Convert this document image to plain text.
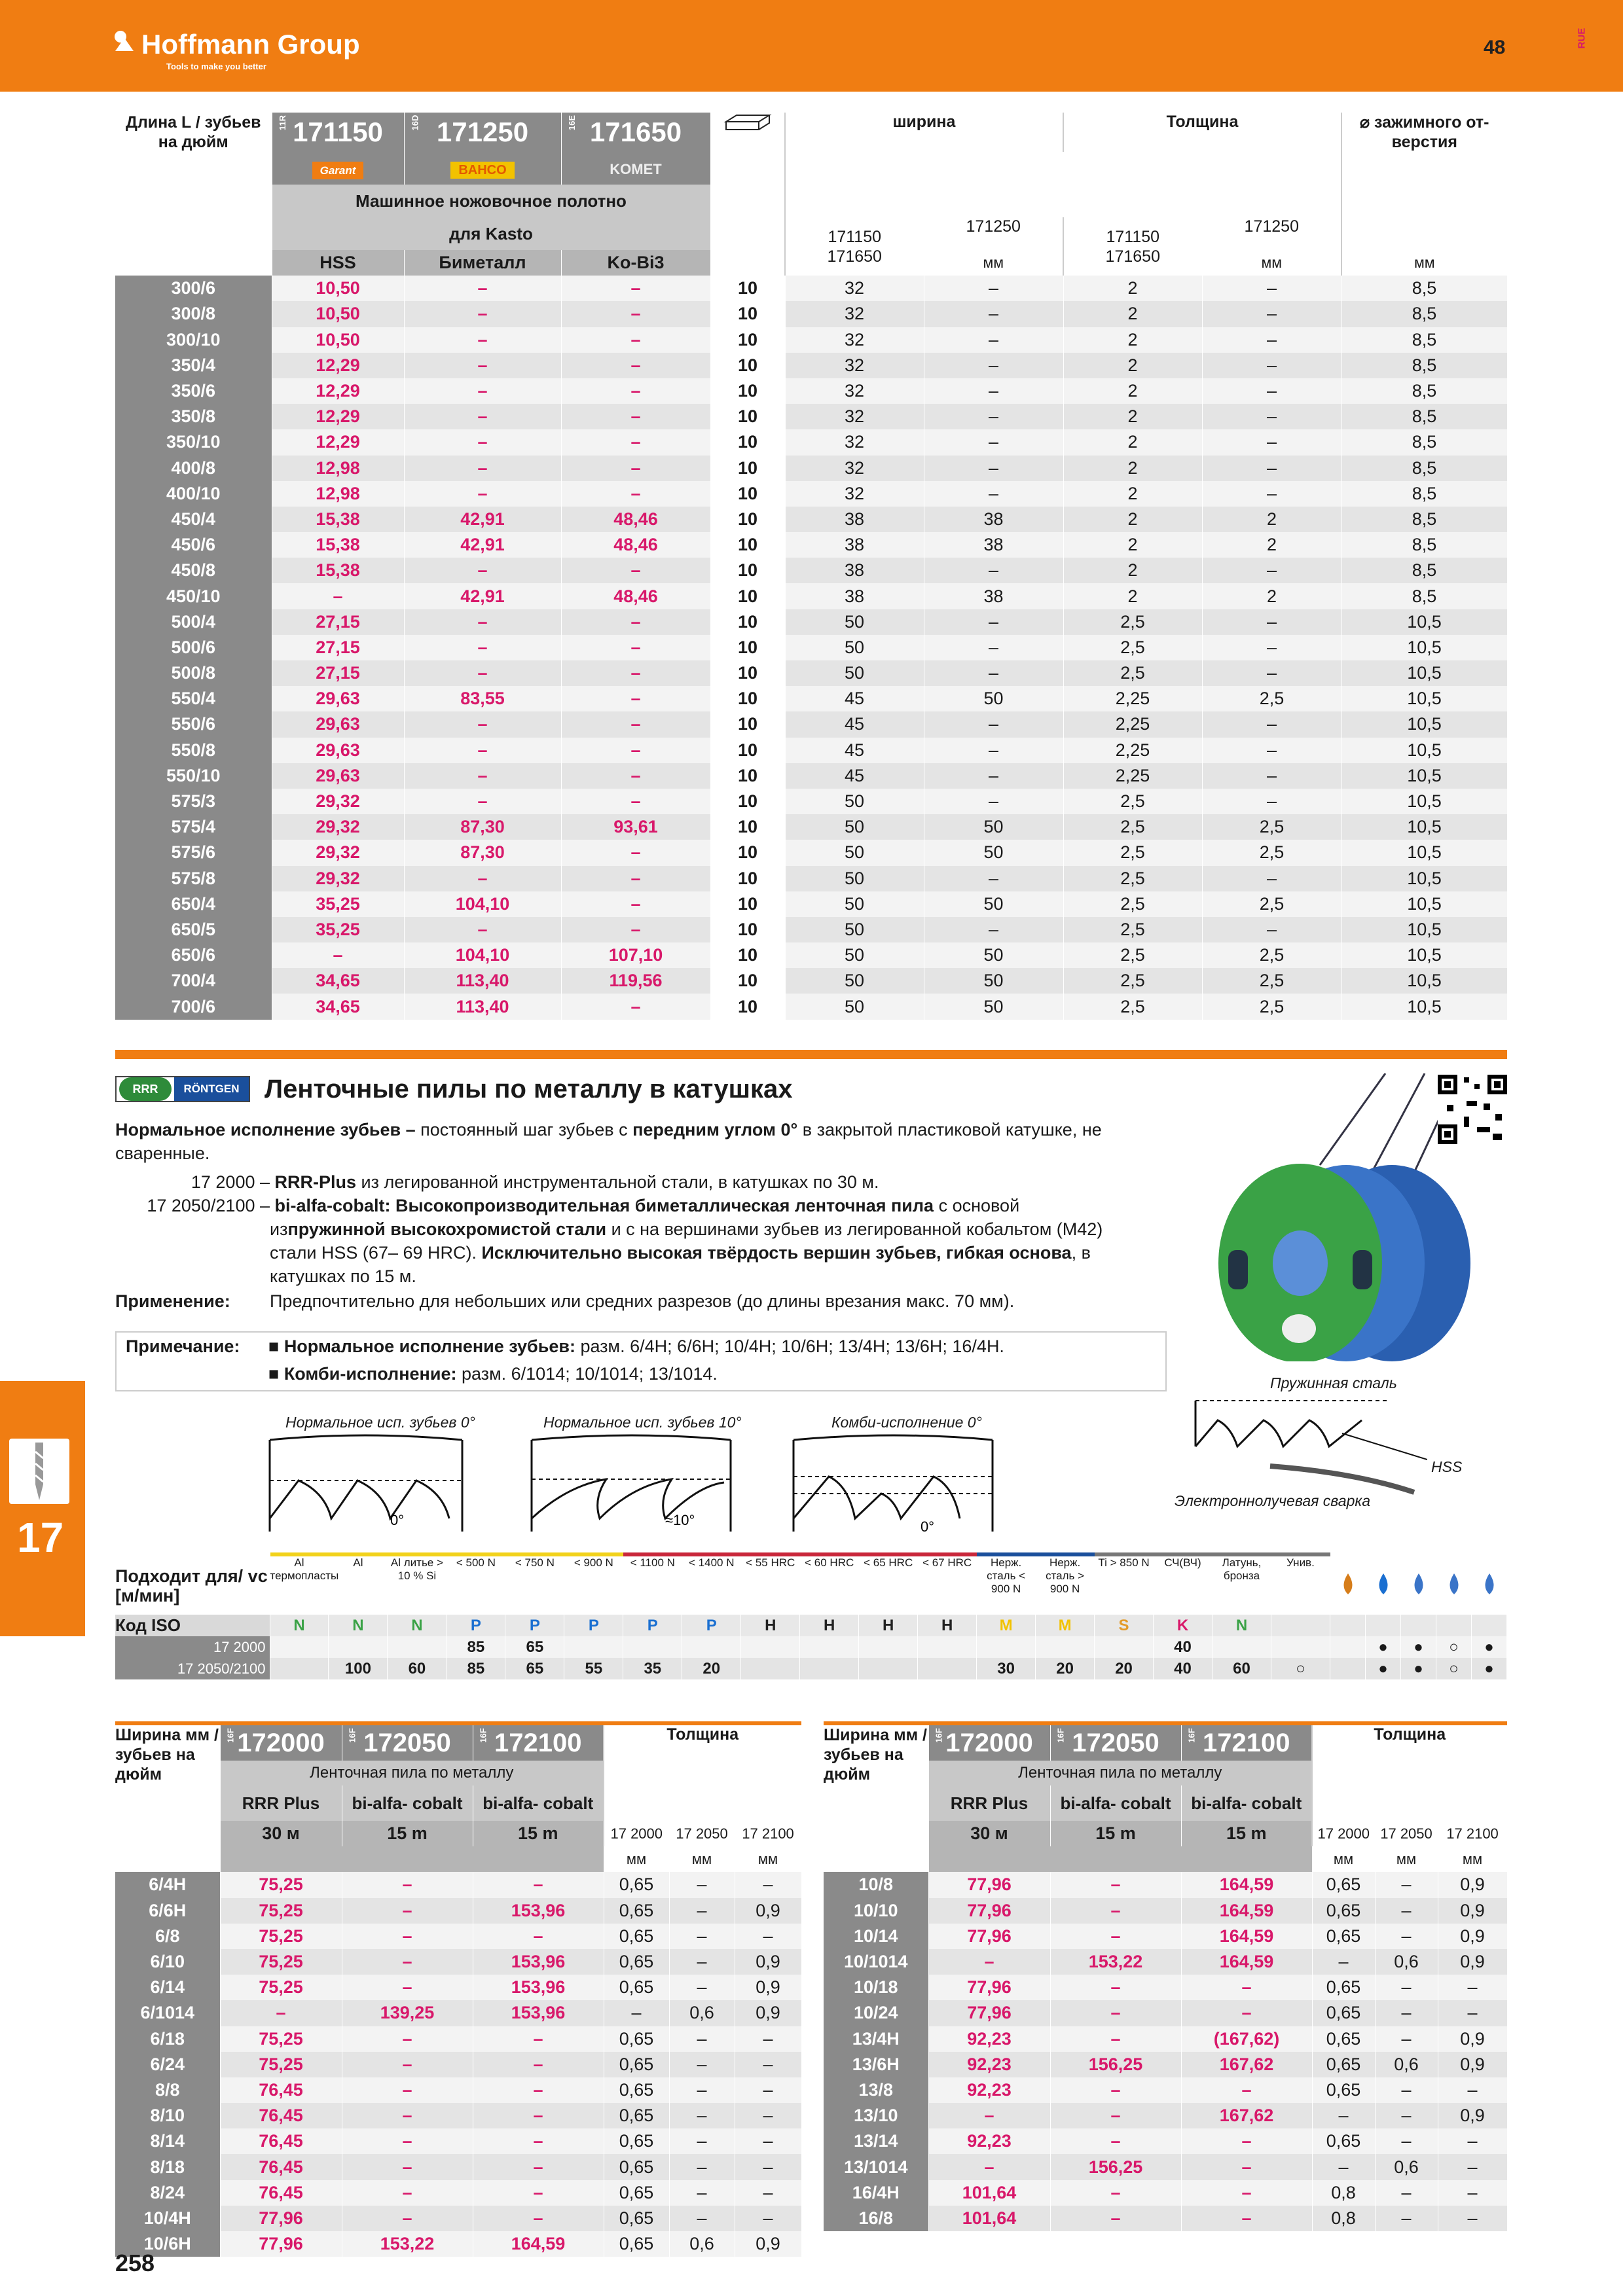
Hoffmann Group
Tools to make you better
48	RUE
Длина L / зубьев на дюйм	11R 171150	16D 171250	16E 171650		ширина		Толщина		⌀ зажимного от-верстия
	Garant	BAHCO	KOMET						
	Машинное ножовочное полотно								
	для Kasto				171150
171650	171250	171150
171650	171250	
	HSS	Биметалл	Ko-Bi3			мм		мм	мм
300/6	10,50	–	–	10	32	–	2	–	8,5
300/8	10,50	–	–	10	32	–	2	–	8,5
300/10	10,50	–	–	10	32	–	2	–	8,5
350/4	12,29	–	–	10	32	–	2	–	8,5
350/6	12,29	–	–	10	32	–	2	–	8,5
350/8	12,29	–	–	10	32	–	2	–	8,5
350/10	12,29	–	–	10	32	–	2	–	8,5
400/8	12,98	–	–	10	32	–	2	–	8,5
400/10	12,98	–	–	10	32	–	2	–	8,5
450/4	15,38	42,91	48,46	10	38	38	2	2	8,5
450/6	15,38	42,91	48,46	10	38	38	2	2	8,5
450/8	15,38	–	–	10	38	–	2	–	8,5
450/10	–	42,91	48,46	10	38	38	2	2	8,5
500/4	27,15	–	–	10	50	–	2,5	–	10,5
500/6	27,15	–	–	10	50	–	2,5	–	10,5
500/8	27,15	–	–	10	50	–	2,5	–	10,5
550/4	29,63	83,55	–	10	45	50	2,25	2,5	10,5
550/6	29,63	–	–	10	45	–	2,25	–	10,5
550/8	29,63	–	–	10	45	–	2,25	–	10,5
550/10	29,63	–	–	10	45	–	2,25	–	10,5
575/3	29,32	–	–	10	50	–	2,5	–	10,5
575/4	29,32	87,30	93,61	10	50	50	2,5	2,5	10,5
575/6	29,32	87,30	–	10	50	50	2,5	2,5	10,5
575/8	29,32	–	–	10	50	–	2,5	–	10,5
650/4	35,25	104,10	–	10	50	50	2,5	2,5	10,5
650/5	35,25	–	–	10	50	–	2,5	–	10,5
650/6	–	104,10	107,10	10	50	50	2,5	2,5	10,5
700/4	34,65	113,40	119,56	10	50	50	2,5	2,5	10,5
700/6	34,65	113,40	–	10	50	50	2,5	2,5	10,5
RRR	RÖNTGEN Ленточные пилы по металлу в катушках
Нормальное исполнение зубьев – постоянный шаг зубьев с передним углом 0° в закрытой пластиковой катушке, не
сваренные.
17 2000 – RRR-Plus из легированной инструментальной стали, в катушках по 30 м.
17 2050/2100 – bi-alfa-cobalt: Высокопроизводительная биметаллическая ленточная пила с основой
изпружинной высокохромистой стали и с на вершинами зубьев из легированной кобальтом (M42)
стали HSS (67– 69 HRC). Исключительно высокая твёрдость вершин зубьев, гибкая основа, в
катушках по 15 м.
Применение: Предпочтительно для небольших или средних разрезов (до длины врезания макс. 70 мм).
Примечание: ■ Нормальное исполнение зубьев: разм. 6/4H; 6/6H; 10/4H; 10/6H; 13/4H; 13/6H; 16/4H.
■ Комби-исполнение: разм. 6/1014; 10/1014; 13/1014.
Нормальное исп. зубьев 0°	Нормальное исп. зубьев 10°	Комби-исполнение 0°
0°	≈10°	0°
Пружинная сталь
HSS
Электроннолучевая сварка
17
Подходит для/ vc [м/мин]	Al термопласты	Al	Al литье > 10 % Si	< 500 N	< 750 N	< 900 N	< 1100 N	< 1400 N	< 55 HRC	< 60 HRC	< 65 HRC	< 67 HRC	Нерж. сталь < 900 N	Нерж. сталь > 900 N	Ti > 850 N	СЧ(ВЧ)	Латунь, бронза	Унив.					
Код ISO	N	N	N	P	P	P	P	P	H	H	H	H	M	M	S	K	N						
17 2000				85	65											40				●	●	○	●
17 2050/2100		100	60	85	65	55	35	20					30	20	20	40	60	○		●	●	○	●

Ширина мм / зубьев на дюйм	16F 172000	16F 172050	16F 172100	Толщина		
	Ленточная пила по металлу					
	RRR Plus	bi-alfa- cobalt	bi-alfa- cobalt			
	30 м	15 m	15 m	17 2000	17 2050	17 2100
				мм	мм	мм
6/4H	75,25	–	–	0,65	–	–
6/6H	75,25	–	153,96	0,65	–	0,9
6/8	75,25	–	–	0,65	–	–
6/10	75,25	–	153,96	0,65	–	0,9
6/14	75,25	–	153,96	0,65	–	0,9
6/1014	–	139,25	153,96	–	0,6	0,9
6/18	75,25	–	–	0,65	–	–
6/24	75,25	–	–	0,65	–	–
8/8	76,45	–	–	0,65	–	–
8/10	76,45	–	–	0,65	–	–
8/14	76,45	–	–	0,65	–	–
8/18	76,45	–	–	0,65	–	–
8/24	76,45	–	–	0,65	–	–
10/4H	77,96	–	–	0,65	–	–
10/6H	77,96	153,22	164,59	0,65	0,6	0,9

Ширина мм / зубьев на дюйм	16F 172000	16F 172050	16F 172100	Толщина		
	Ленточная пила по металлу					
	RRR Plus	bi-alfa- cobalt	bi-alfa- cobalt			
	30 м	15 m	15 m	17 2000	17 2050	17 2100
				мм	мм	мм
10/8	77,96	–	164,59	0,65	–	0,9
10/10	77,96	–	164,59	0,65	–	0,9
10/14	77,96	–	164,59	0,65	–	0,9
10/1014	–	153,22	164,59	–	0,6	0,9
10/18	77,96	–	–	0,65	–	–
10/24	77,96	–	–	0,65	–	–
13/4H	92,23	–	(167,62)	0,65	–	0,9
13/6H	92,23	156,25	167,62	0,65	0,6	0,9
13/8	92,23	–	–	0,65	–	–
13/10	–	–	167,62	–	–	0,9
13/14	92,23	–	–	0,65	–	–
13/1014	–	156,25	–	–	0,6	–
16/4H	101,64	–	–	0,8	–	–
16/8	101,64	–	–	0,8	–	–
258
